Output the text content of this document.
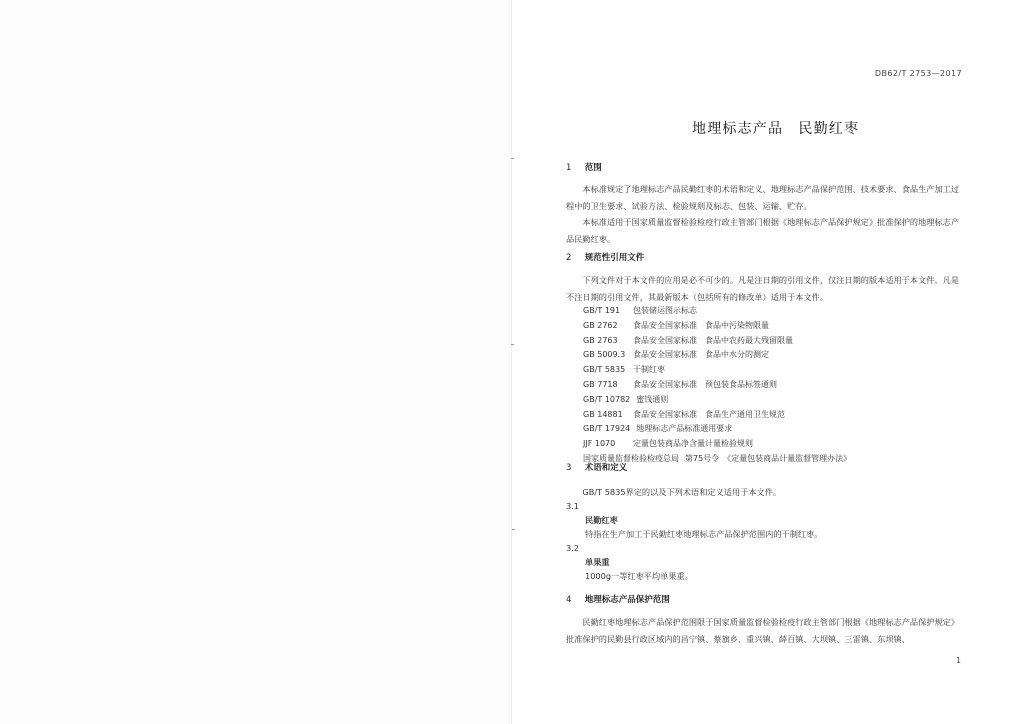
DB62/T 2753—2017
地理标志产品　民勤红枣
1 范围
本标准规定了地理标志产品民勤红枣的术语和定义、地理标志产品保护范围、技术要求、食品生产加工过程中的卫生要求、试验方法、检验规则及标志、包装、运输、贮存。
本标准适用于国家质量监督检验检疫行政主管部门根据《地理标志产品保护规定》批准保护的地理标志产品民勤红枣。
2 规范性引用文件
下列文件对于本文件的应用是必不可少的。凡是注日期的引用文件，仅注日期的版本适用于本文件。凡是不注日期的引用文件，其最新版本（包括所有的修改单）适用于本文件。
GB/T 191 包装储运图示标志
GB 2762 食品安全国家标准　食品中污染物限量
GB 2763 食品安全国家标准　食品中农药最大残留限量
GB 5009.3 食品安全国家标准　食品中水分的测定
GB/T 5835 干制红枣
GB 7718 食品安全国家标准　预包装食品标签通则
GB/T 10782 蜜饯通则
GB 14881 食品安全国家标准　食品生产通用卫生规范
GB/T 17924 地理标志产品标准通用要求
JJF 1070 定量包装商品净含量计量检验规则
国家质量监督检验检疫总局 第75号令　《定量包装商品计量监督管理办法》
3 术语和定义
GB/T 5835界定的以及下列术语和定义适用于本文件。
3.1
民勤红枣
特指在生产加工于民勤红枣地理标志产品保护范围内的干制红枣。
3.2
单果重
1000g一等红枣平均单果重。
4 地理标志产品保护范围
民勤红枣地理标志产品保护范围限于国家质量监督检验检疫行政主管部门根据《地理标志产品保护规定》批准保护的民勤县行政区域内的昌宁镇、蔡旗乡、重兴镇、薛百镇、大坝镇、三雷镇、东坝镇、
1
